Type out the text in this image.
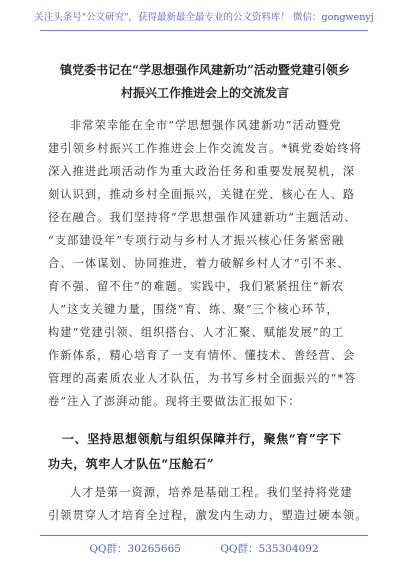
关注头条号"公文研究"，获得最新最全最专业的公文资料库！ 微信：gongwenyj
镇党委书记在“学思想强作风建新功”活动暨党建引领乡
村振兴工作推进会上的交流发言
非常荣幸能在全市“学思想强作风建新功”活动暨党
建引领乡村振兴工作推进会上作交流发言。*镇党委始终将
深入推进此项活动作为重大政治任务和重要发展契机，深
刻认识到，推动乡村全面振兴，关键在党、核心在人、路
径在融合。我们坚持将“学思想强作风建新功”主题活动、
“支部建设年”专项行动与乡村人才振兴核心任务紧密融
合、一体谋划、协同推进，着力破解乡村人才“引不来、
育不强、留不住”的难题。实践中，我们紧紧扭住“新农
人”这支关键力量，围绕“育、练、聚”三个核心环节，
构建“党建引领、组织搭台、人才汇聚、赋能发展”的工
作新体系，精心培育了一支有情怀、懂技术、善经营、会
管理的高素质农业人才队伍，为书写乡村全面振兴的“*答
卷”注入了澎湃动能。现将主要做法汇报如下：
一、坚持思想领航与组织保障并行，聚焦“育”字下
功夫，筑牢人才队伍“压舱石”
人才是第一资源，培养是基础工程。我们坚持将党建
引领贯穿人才培育全过程，激发内生动力，塑造过硬本领。
QQ群：30265665	QQ群：535304092
